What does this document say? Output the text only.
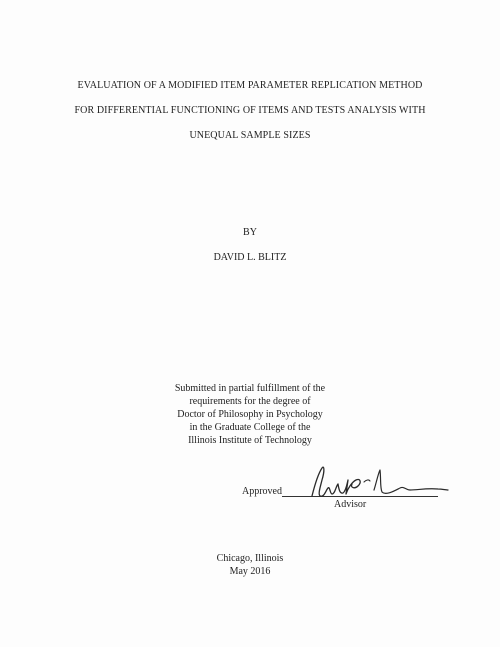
EVALUATION OF A MODIFIED ITEM PARAMETER REPLICATION METHOD
FOR DIFFERENTIAL FUNCTIONING OF ITEMS AND TESTS ANALYSIS WITH
UNEQUAL SAMPLE SIZES
BY
DAVID L. BLITZ
Submitted in partial fulfillment of the
requirements for the degree of
Doctor of Philosophy in Psychology
in the Graduate College of the
Illinois Institute of Technology
Approved
Advisor
Chicago, Illinois
May 2016
